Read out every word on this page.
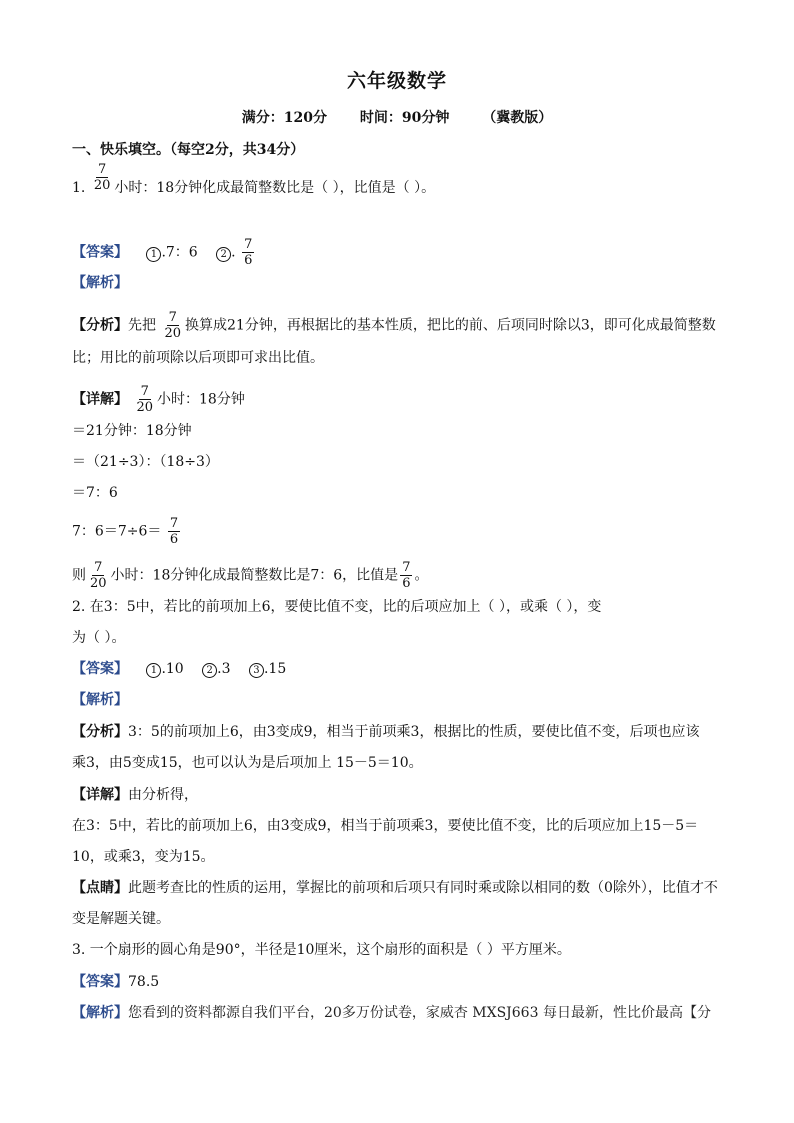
六年级数学
满分：120分 时间：90分钟 （冀教版）
一、快乐填空。（每空2分，共34分）
1. $\frac{7}{20}$ 小时：18分钟化成最简整数比是（ ），比值是（ ）。
【答案】 1 .7：6 2 . $\frac{7}{6}$
【解析】
【分析】先把 $\frac{7}{20}$ 换算成21分钟，再根据比的基本性质，把比的前、后项同时除以3，即可化成最简整数
比；用比的前项除以后项即可求出比值。
【详解】 $\frac{7}{20}$ 小时：18分钟
＝21分钟：18分钟
＝（21÷3）：（18÷3）
＝7：6
7：$6=7\div 6= \frac{7}{6}$
则 $\frac{7}{20}$ 小时：18分钟化成最简整数比是7：6，比值是 $\frac{7}{6}$ 。
2. 在3：5中，若比的前项加上6，要使比值不变，比的后项应加上（ ），或乘（ ），变
为（ ）。
【答案】 1 .10 2 .3 3 .15
【解析】
【分析】3：5的前项加上6，由3变成9，相当于前项乘3，根据比的性质，要使比值不变，后项也应该
乘3，由5变成15，也可以认为是后项加上 15－5＝10。
【详解】由分析得，
在3：5中，若比的前项加上6，由3变成9，相当于前项乘3，要使比值不变，比的后项应加上15－5＝
10，或乘3，变为15。
【点睛】此题考查比的性质的运用，掌握比的前项和后项只有同时乘或除以相同的数（0除外），比值才不
变是解题关键。
3. 一个扇形的圆心角是90°，半径是10厘米，这个扇形的面积是（ ）平方厘米。
【答案】78.5
【解析】您看到的资料都源自我们平台，20多万份试卷，家威杏 MXSJ663 每日最新，性比价最高【分
